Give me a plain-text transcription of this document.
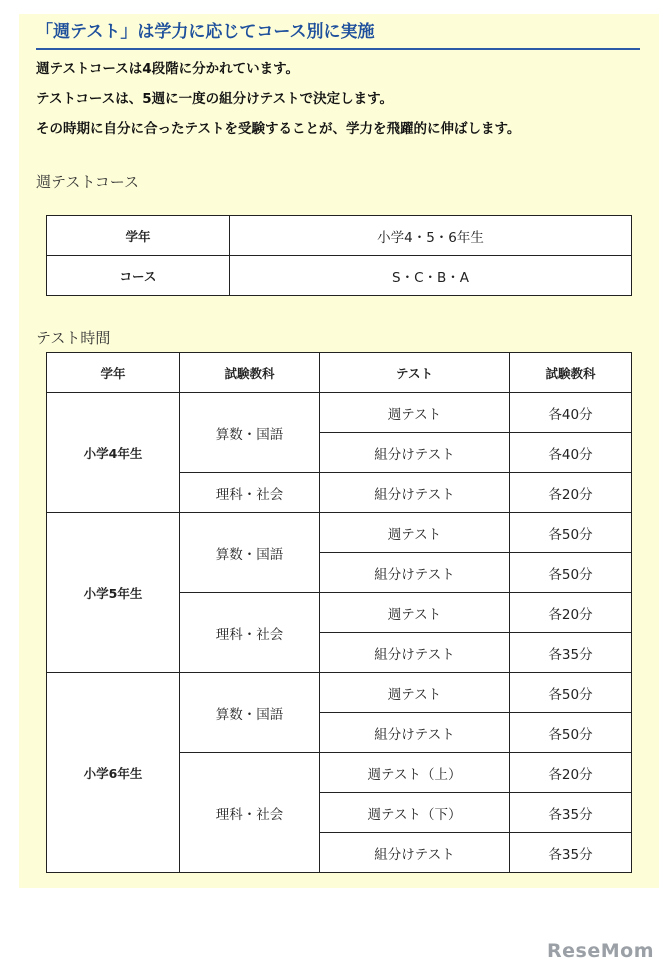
「週テスト」は学力に応じてコース別に実施

週テストコースは4段階に分かれています。

テストコースは、5週に一度の組分けテストで決定します。

その時期に自分に合ったテストを受験することが、学力を飛躍的に伸ばします。

週テストコース
学年	小学4・5・6年生
コース	S・C・B・A
テスト時間
学年	試験教科	テスト	試験教科
小学4年生	算数・国語	週テスト	各40分
		組分けテスト	各40分
	理科・社会	組分けテスト	各20分
小学5年生	算数・国語	週テスト	各50分
		組分けテスト	各50分
	理科・社会	週テスト	各20分
		組分けテスト	各35分
小学6年生	算数・国語	週テスト	各50分
		組分けテスト	各50分
	理科・社会	週テスト（上）	各20分
		週テスト（下）	各35分
		組分けテスト	各35分
ReseMom
